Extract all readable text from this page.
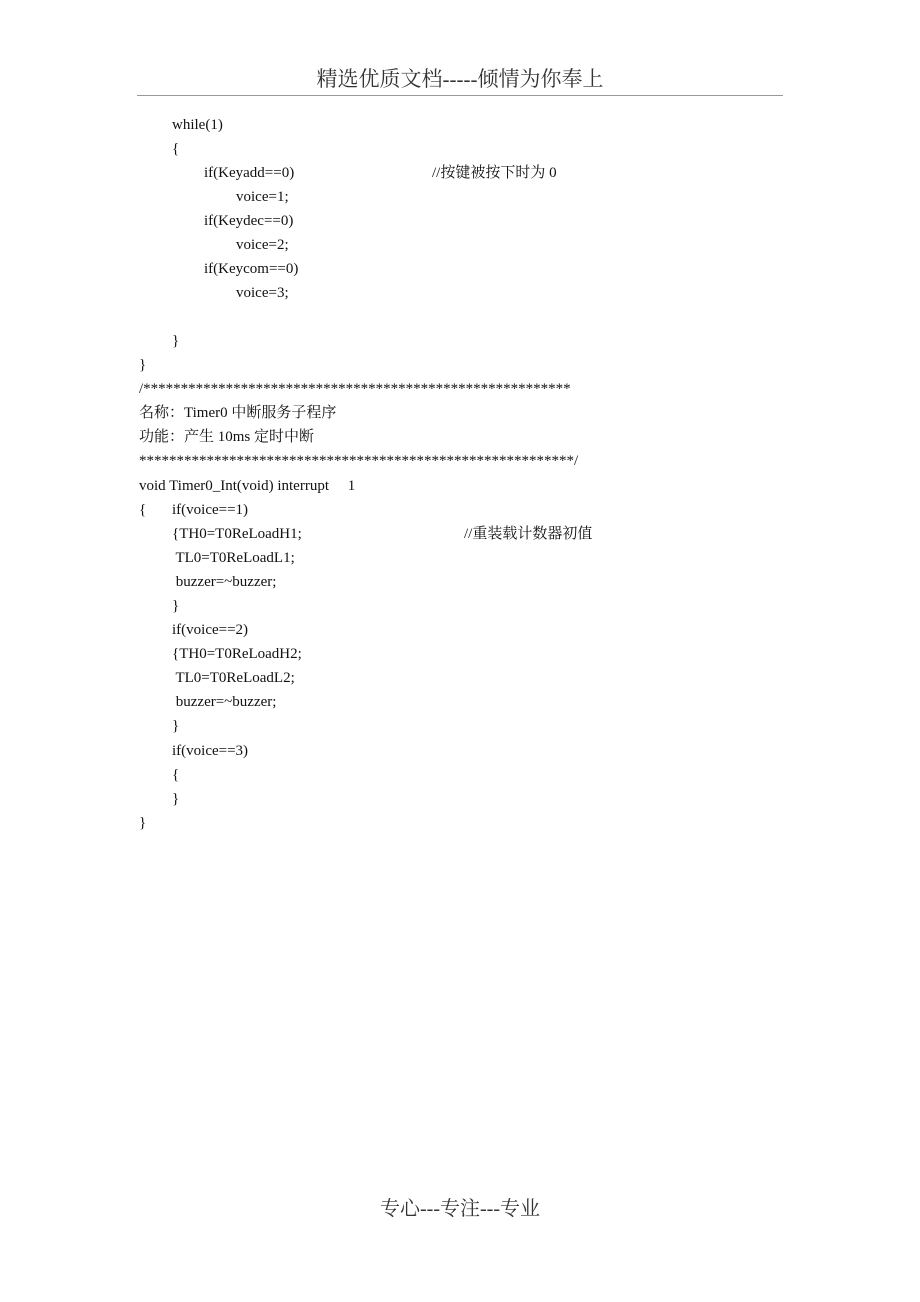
精选优质文档-----倾情为你奉上
while(1)
{
if(Keyadd==0)	//按键被按下时为 0
voice=1;
if(Keydec==0)
voice=2;
if(Keycom==0)
voice=3;
}
}
/*********************************************************
名称：Timer0 中断服务子程序
功能：产生 10ms 定时中断
**********************************************************/
void Timer0_Int(void) interrupt     1
{ if(voice==1)
{TH0=T0ReLoadH1;	//重装载计数器初值
TL0=T0ReLoadL1;
buzzer=~buzzer;
}
if(voice==2)
{TH0=T0ReLoadH2;
TL0=T0ReLoadL2;
buzzer=~buzzer;
}
if(voice==3)
{
}
}
专心---专注---专业
